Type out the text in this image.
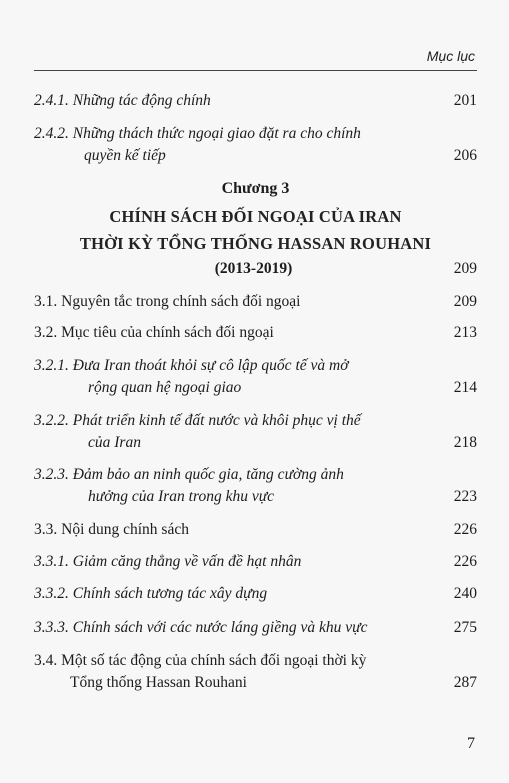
Mục lục
2.4.1. Những tác động chính	201
2.4.2. Những thách thức ngoại giao đặt ra cho chính
quyền kế tiếp	206
Chương 3
CHÍNH SÁCH ĐỐI NGOẠI CỦA IRAN
THỜI KỲ TỔNG THỐNG HASSAN ROUHANI
(2013-2019)	209
3.1. Nguyên tắc trong chính sách đối ngoại	209
3.2. Mục tiêu của chính sách đối ngoại	213
3.2.1. Đưa Iran thoát khỏi sự cô lập quốc tế và mở
rộng quan hệ ngoại giao	214
3.2.2. Phát triển kinh tế đất nước và khôi phục vị thế
của Iran	218
3.2.3. Đảm bảo an ninh quốc gia, tăng cường ảnh
hưởng của Iran trong khu vực	223
3.3. Nội dung chính sách	226
3.3.1. Giảm căng thẳng về vấn đề hạt nhân	226
3.3.2. Chính sách tương tác xây dựng	240
3.3.3. Chính sách với các nước láng giềng và khu vực	275
3.4. Một số tác động của chính sách đối ngoại thời kỳ
Tổng thống Hassan Rouhani	287
7
